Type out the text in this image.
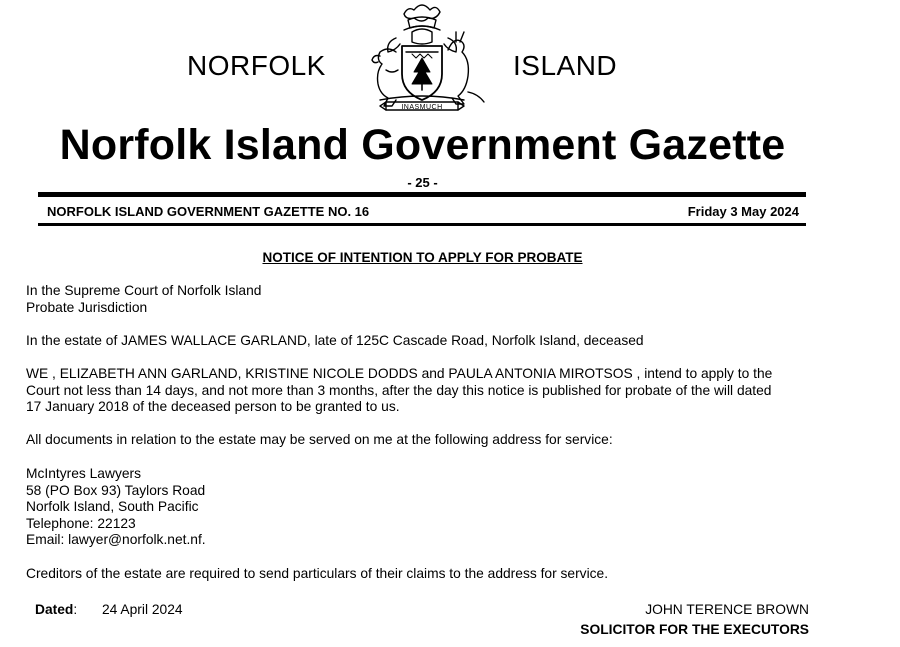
NORFOLK	ISLAND
INASMUCH
Norfolk Island Government Gazette
- 25 -
NORFOLK ISLAND GOVERNMENT GAZETTE NO. 16	Friday 3 May 2024
NOTICE OF INTENTION TO APPLY FOR PROBATE

In the Supreme Court of Norfolk Island

Probate Jurisdiction

In the estate of JAMES WALLACE GARLAND, late of 125C Cascade Road, Norfolk Island, deceased

WE , ELIZABETH ANN GARLAND, KRISTINE NICOLE DODDS and PAULA ANTONIA MIROTSOS , intend to apply to the

Court not less than 14 days, and not more than 3 months, after the day this notice is published for probate of the will dated

17 January 2018 of the deceased person to be granted to us.

All documents in relation to the estate may be served on me at the following address for service:

McIntyres Lawyers

58 (PO Box 93) Taylors Road

Norfolk Island, South Pacific

Telephone: 22123

Email: lawyer@norfolk.net.nf.

Creditors of the estate are required to send particulars of their claims to the address for service.
Dated: 24 April 2024	JOHN TERENCE BROWN
SOLICITOR FOR THE EXECUTORS
